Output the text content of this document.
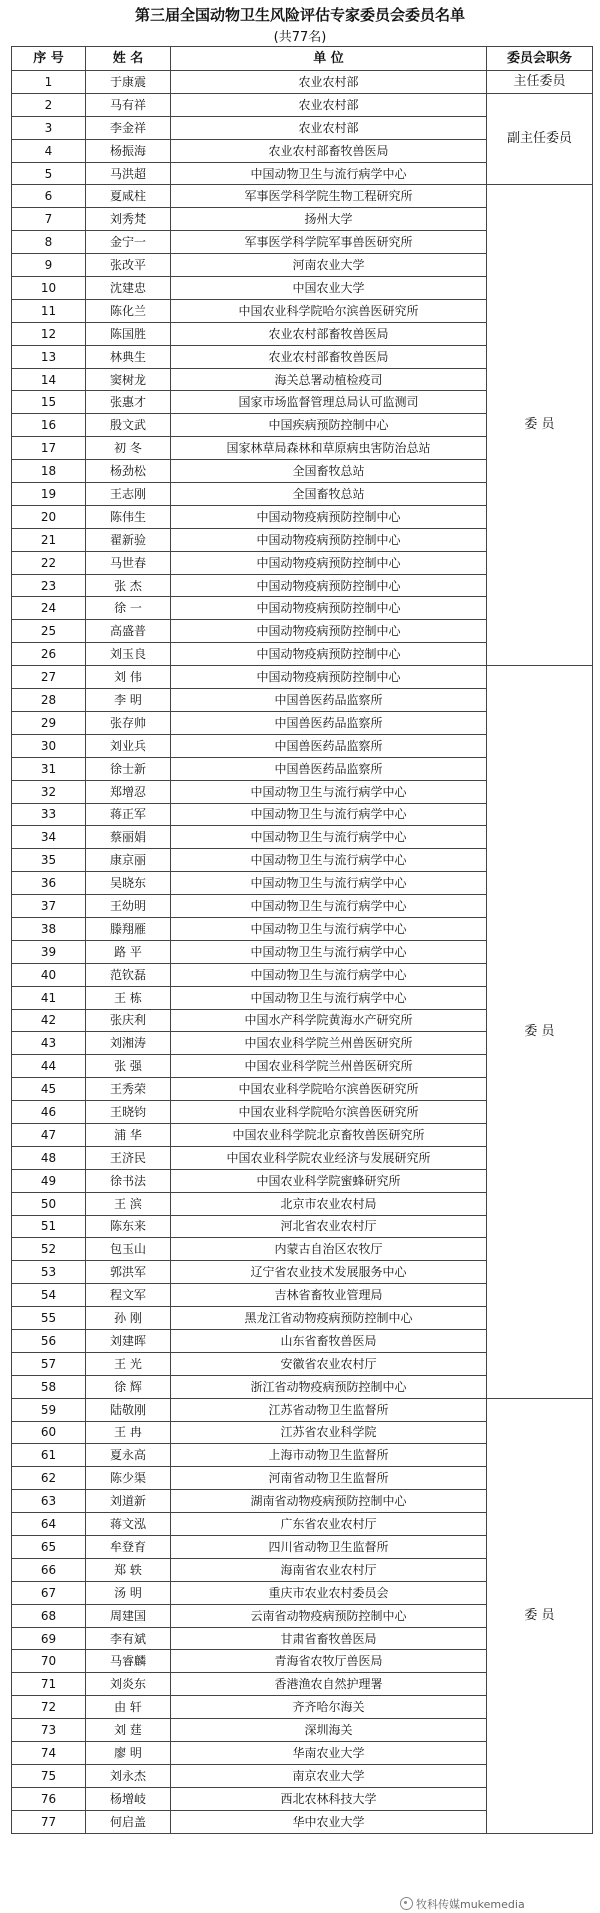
第三届全国动物卫生风险评估专家委员会委员名单
(共77名)
序 号	姓 名	单 位	委员会职务
1	于康震	农业农村部	主任委员
2	马有祥	农业农村部	副主任委员
3	李金祥	农业农村部	
4	杨振海	农业农村部畜牧兽医局	
5	马洪超	中国动物卫生与流行病学中心	
6	夏咸柱	军事医学科学院生物工程研究所	委 员
7	刘秀梵	扬州大学	
8	金宁一	军事医学科学院军事兽医研究所	
9	张改平	河南农业大学	
10	沈建忠	中国农业大学	
11	陈化兰	中国农业科学院哈尔滨兽医研究所	
12	陈国胜	农业农村部畜牧兽医局	
13	林典生	农业农村部畜牧兽医局	
14	窦树龙	海关总署动植检疫司	
15	张惠才	国家市场监督管理总局认可监测司	
16	殷文武	中国疾病预防控制中心	
17	初 冬	国家林草局森林和草原病虫害防治总站	
18	杨劲松	全国畜牧总站	
19	王志刚	全国畜牧总站	
20	陈伟生	中国动物疫病预防控制中心	
21	翟新验	中国动物疫病预防控制中心	
22	马世春	中国动物疫病预防控制中心	
23	张 杰	中国动物疫病预防控制中心	
24	徐 一	中国动物疫病预防控制中心	
25	高盛普	中国动物疫病预防控制中心	
26	刘玉良	中国动物疫病预防控制中心	
27	刘 伟	中国动物疫病预防控制中心	委 员
28	李 明	中国兽医药品监察所	
29	张存帅	中国兽医药品监察所	
30	刘业兵	中国兽医药品监察所	
31	徐士新	中国兽医药品监察所	
32	郑增忍	中国动物卫生与流行病学中心	
33	蒋正军	中国动物卫生与流行病学中心	
34	蔡丽娟	中国动物卫生与流行病学中心	
35	康京丽	中国动物卫生与流行病学中心	
36	吴晓东	中国动物卫生与流行病学中心	
37	王幼明	中国动物卫生与流行病学中心	
38	滕翔雁	中国动物卫生与流行病学中心	
39	路 平	中国动物卫生与流行病学中心	
40	范钦磊	中国动物卫生与流行病学中心	
41	王 栋	中国动物卫生与流行病学中心	
42	张庆利	中国水产科学院黄海水产研究所	
43	刘湘涛	中国农业科学院兰州兽医研究所	
44	张 强	中国农业科学院兰州兽医研究所	
45	王秀荣	中国农业科学院哈尔滨兽医研究所	
46	王晓钧	中国农业科学院哈尔滨兽医研究所	
47	浦 华	中国农业科学院北京畜牧兽医研究所	
48	王济民	中国农业科学院农业经济与发展研究所	
49	徐书法	中国农业科学院蜜蜂研究所	
50	王 滨	北京市农业农村局	
51	陈东来	河北省农业农村厅	
52	包玉山	内蒙古自治区农牧厅	
53	郭洪军	辽宁省农业技术发展服务中心	
54	程文军	吉林省畜牧业管理局	
55	孙 刚	黑龙江省动物疫病预防控制中心	
56	刘建晖	山东省畜牧兽医局	
57	王 光	安徽省农业农村厅	
58	徐 辉	浙江省动物疫病预防控制中心	
59	陆敬刚	江苏省动物卫生监督所	委 员
60	王 冉	江苏省农业科学院	
61	夏永高	上海市动物卫生监督所	
62	陈少渠	河南省动物卫生监督所	
63	刘道新	湖南省动物疫病预防控制中心	
64	蒋文泓	广东省农业农村厅	
65	牟登育	四川省动物卫生监督所	
66	郑 轶	海南省农业农村厅	
67	汤 明	重庆市农业农村委员会	
68	周建国	云南省动物疫病预防控制中心	
69	李有斌	甘肃省畜牧兽医局	
70	马睿麟	青海省农牧厅兽医局	
71	刘炎东	香港渔农自然护理署	
72	由 轩	齐齐哈尔海关	
73	刘 莛	深圳海关	
74	廖 明	华南农业大学	
75	刘永杰	南京农业大学	
76	杨增岐	西北农林科技大学	
77	何启盖	华中农业大学	
牧科传媒mukemedia
